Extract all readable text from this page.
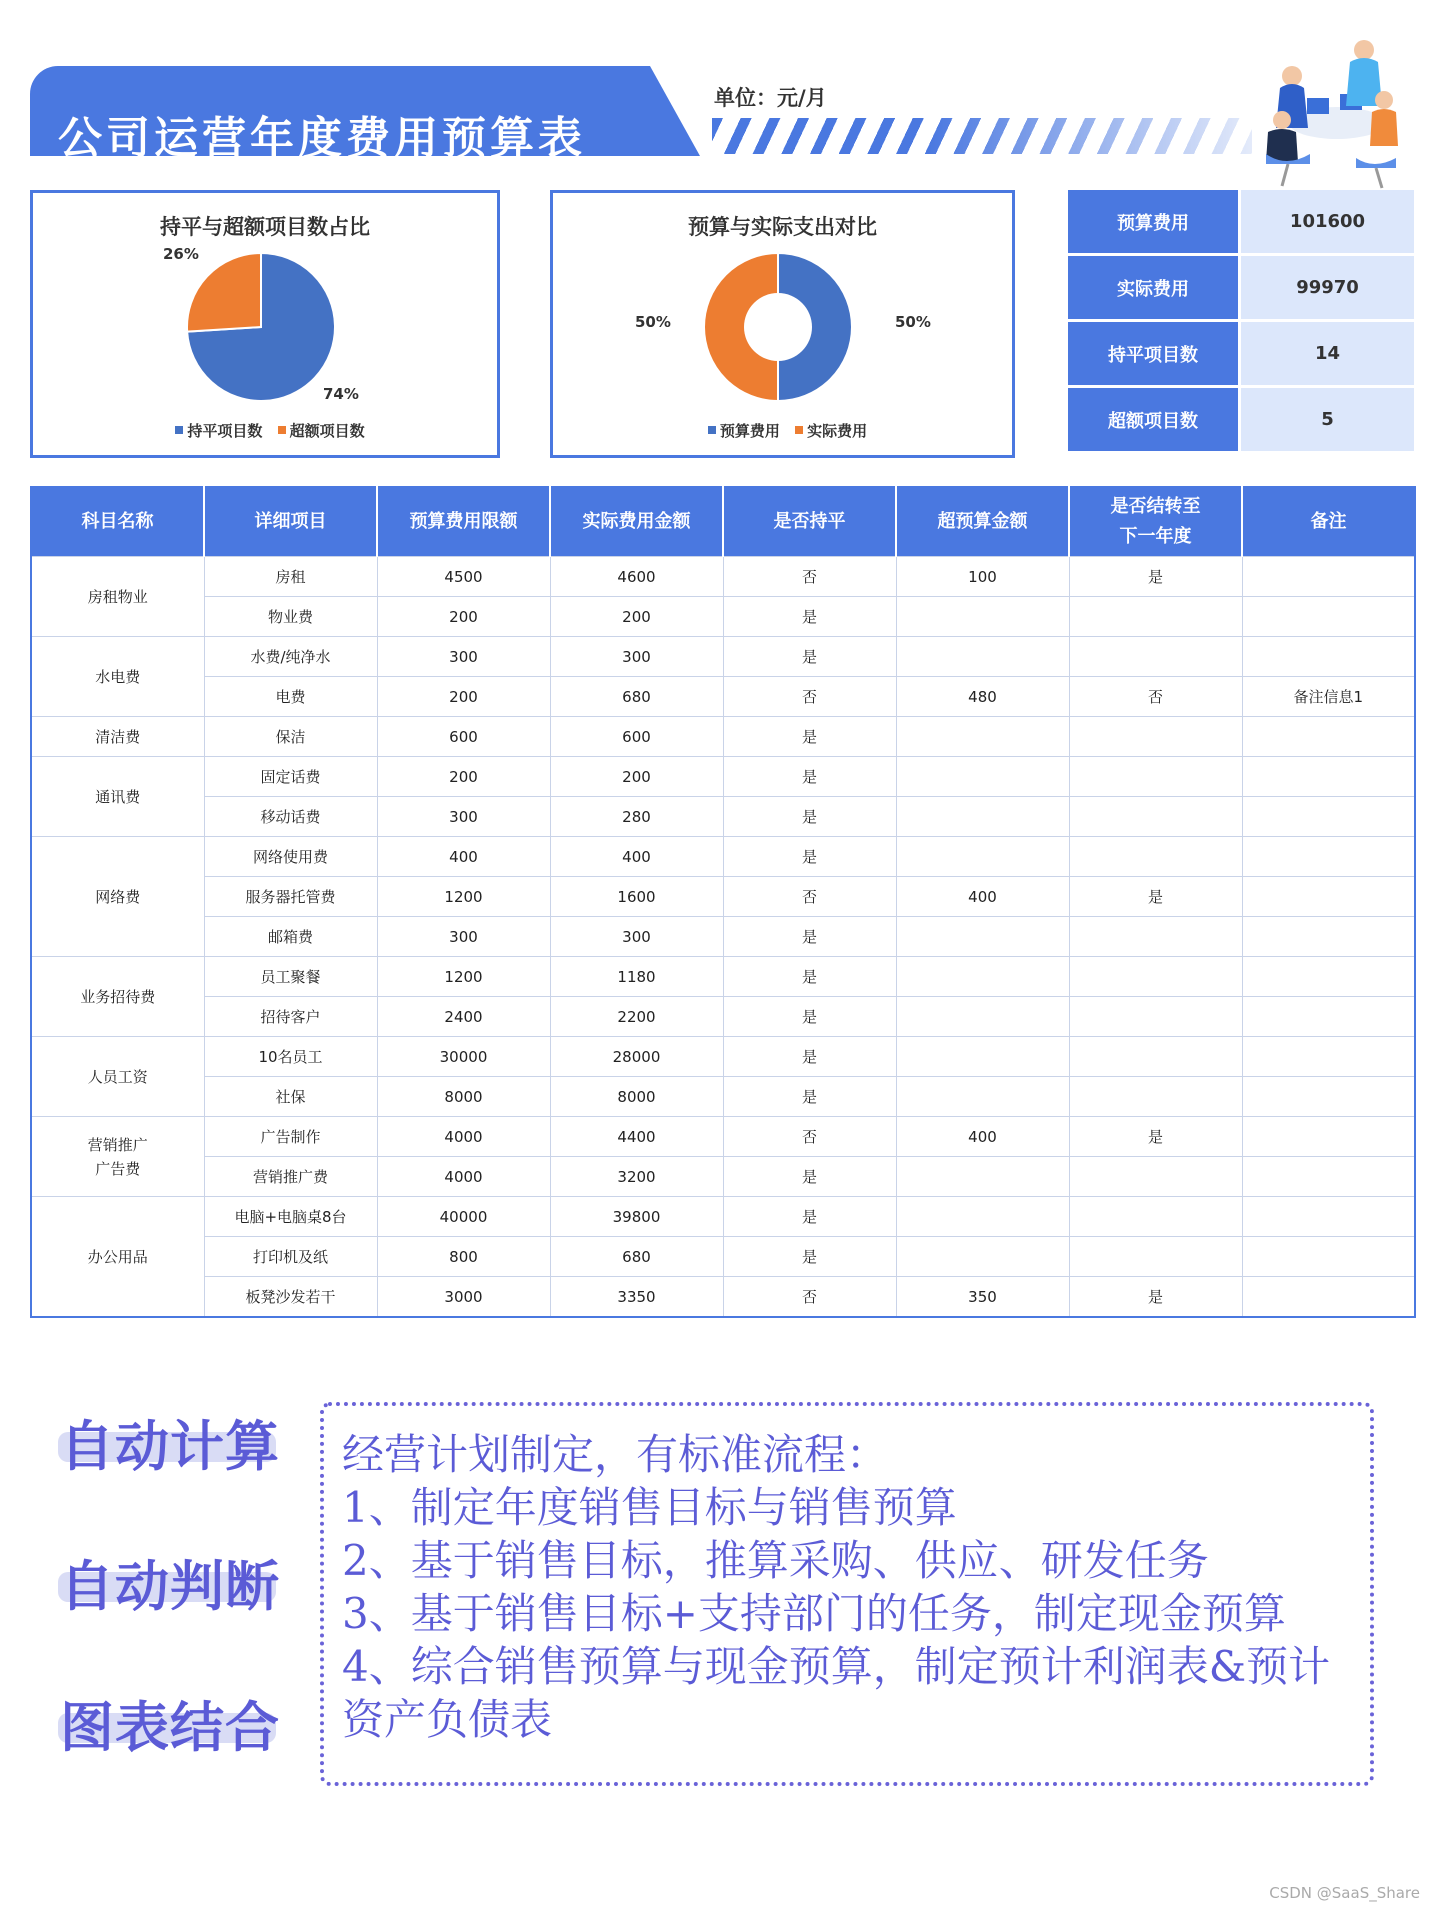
公司运营年度费用预算表
单位：元/月
持平与超额项目数占比
26%
74%
持平项目数 超额项目数
预算与实际支出对比
50%	50%
预算费用 实际费用
预算费用	101600
实际费用	99970
持平项目数	14
超额项目数	5
科目名称	详细项目	预算费用限额	实际费用金额	是否持平	超预算金额	是否结转至
下一年度	备注
房租物业	房租	4500	4600	否	100	是	
	物业费	200	200	是			
水电费	水费/纯净水	300	300	是			
	电费	200	680	否	480	否	备注信息1
清洁费	保洁	600	600	是			
通讯费	固定话费	200	200	是			
	移动话费	300	280	是			
网络费	网络使用费	400	400	是			
	服务器托管费	1200	1600	否	400	是	
	邮箱费	300	300	是			
业务招待费	员工聚餐	1200	1180	是			
	招待客户	2400	2200	是			
人员工资	10名员工	30000	28000	是			
	社保	8000	8000	是			
营销推广
广告费	广告制作	4000	4400	否	400	是	
	营销推广费	4000	3200	是			
办公用品	电脑+电脑桌8台	40000	39800	是			
	打印机及纸	800	680	是			
	板凳沙发若干	3000	3350	否	350	是	
自动计算
自动判断
图表结合
经营计划制定，有标准流程：
1、制定年度销售目标与销售预算
2、基于销售目标，推算采购、供应、研发任务
3、基于销售目标+支持部门的任务，制定现金预算
4、综合销售预算与现金预算，制定预计利润表&预计资产负债表
CSDN @SaaS_Share
